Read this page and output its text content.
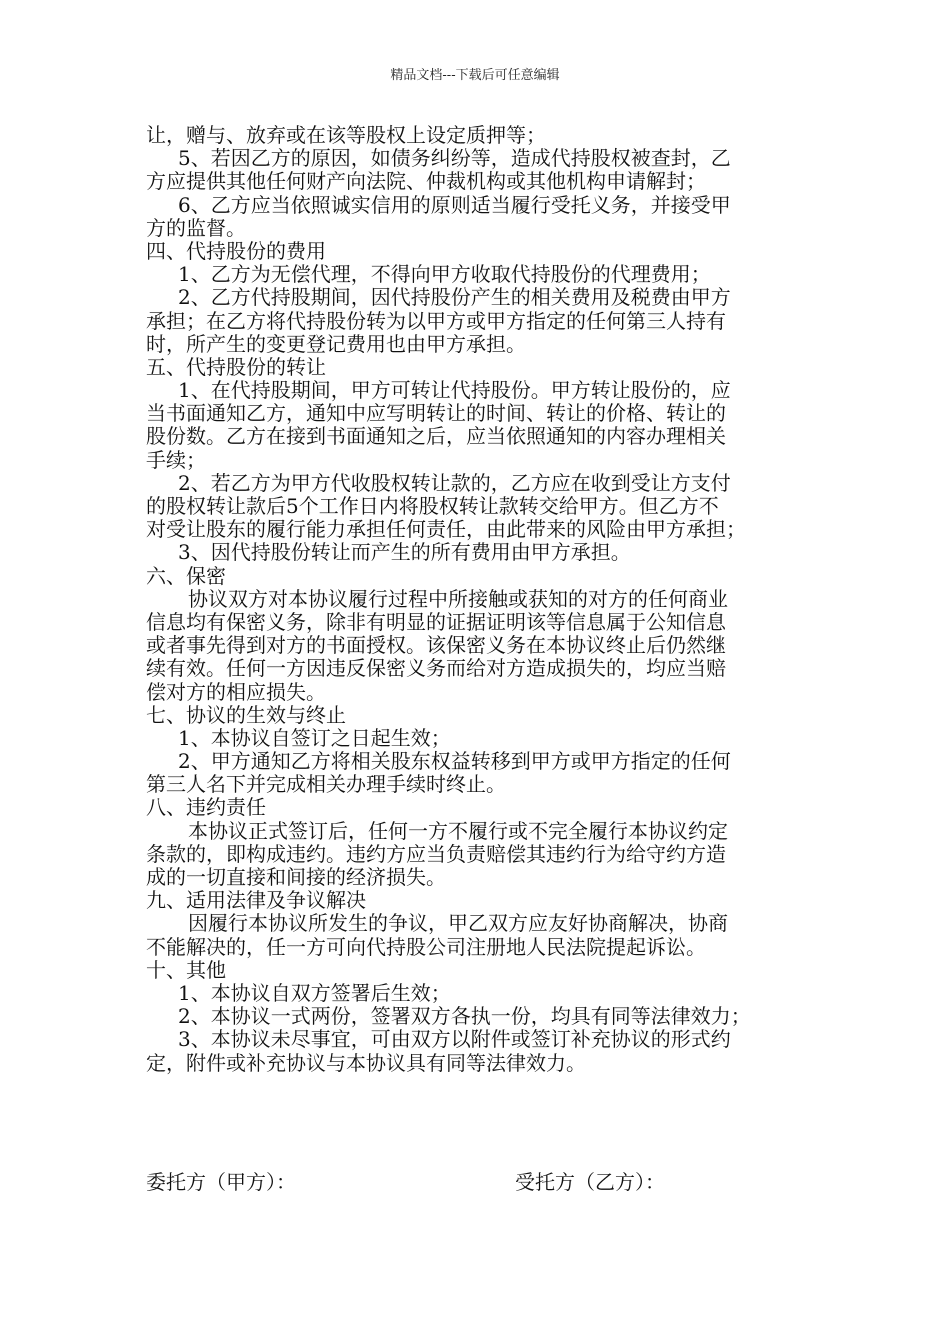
精品文档---下载后可任意编辑
让，赠与、放弃或在该等股权上设定质押等；
5、若因乙方的原因，如债务纠纷等，造成代持股权被查封，乙
方应提供其他任何财产向法院、仲裁机构或其他机构申请解封；
6、乙方应当依照诚实信用的原则适当履行受托义务，并接受甲
方的监督。
四、代持股份的费用
1、乙方为无偿代理，不得向甲方收取代持股份的代理费用；
2、乙方代持股期间，因代持股份产生的相关费用及税费由甲方
承担；在乙方将代持股份转为以甲方或甲方指定的任何第三人持有
时，所产生的变更登记费用也由甲方承担。
五、代持股份的转让
1、在代持股期间，甲方可转让代持股份。甲方转让股份的，应
当书面通知乙方，通知中应写明转让的时间、转让的价格、转让的
股份数。乙方在接到书面通知之后，应当依照通知的内容办理相关
手续；
2、若乙方为甲方代收股权转让款的，乙方应在收到受让方支付
的股权转让款后5个工作日内将股权转让款转交给甲方。但乙方不
对受让股东的履行能力承担任何责任，由此带来的风险由甲方承担；
3、因代持股份转让而产生的所有费用由甲方承担。
六、保密
协议双方对本协议履行过程中所接触或获知的对方的任何商业
信息均有保密义务，除非有明显的证据证明该等信息属于公知信息
或者事先得到对方的书面授权。该保密义务在本协议终止后仍然继
续有效。任何一方因违反保密义务而给对方造成损失的，均应当赔
偿对方的相应损失。
七、协议的生效与终止
1、本协议自签订之日起生效；
2、甲方通知乙方将相关股东权益转移到甲方或甲方指定的任何
第三人名下并完成相关办理手续时终止。
八、违约责任
本协议正式签订后，任何一方不履行或不完全履行本协议约定
条款的，即构成违约。违约方应当负责赔偿其违约行为给守约方造
成的一切直接和间接的经济损失。
九、适用法律及争议解决
因履行本协议所发生的争议，甲乙双方应友好协商解决，协商
不能解决的，任一方可向代持股公司注册地人民法院提起诉讼。
十、其他
1、本协议自双方签署后生效；
2、本协议一式两份，签署双方各执一份，均具有同等法律效力；
3、本协议未尽事宜，可由双方以附件或签订补充协议的形式约
定，附件或补充协议与本协议具有同等法律效力。
委托方（甲方）：	受托方（乙方）：
